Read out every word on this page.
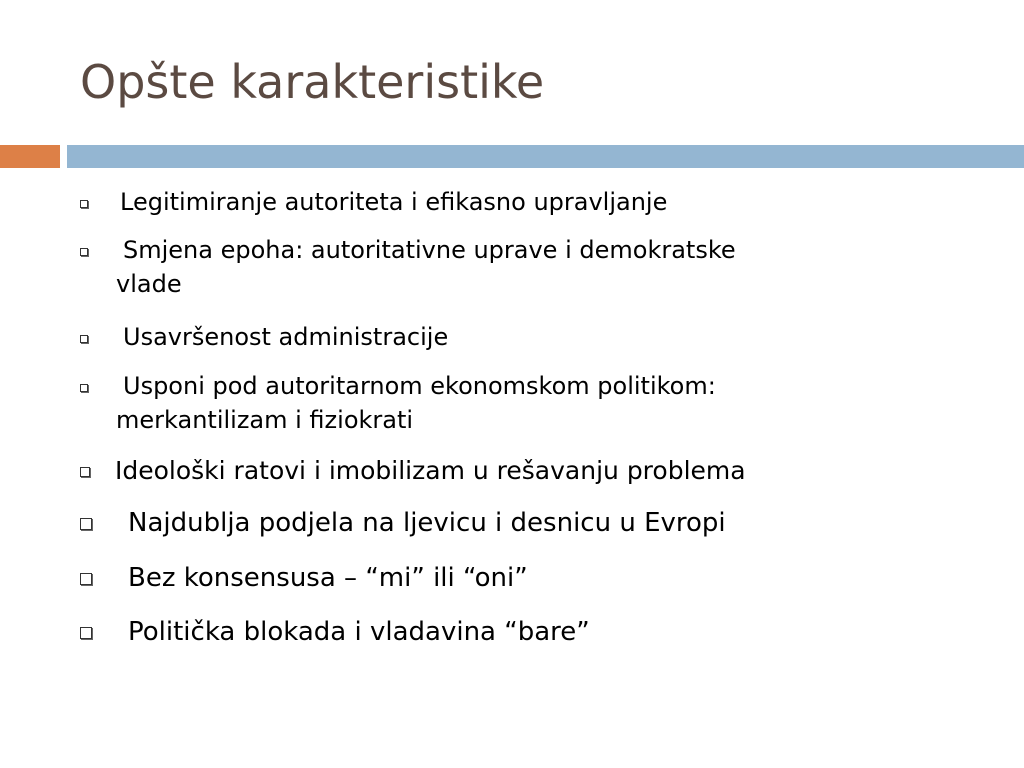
Opšte karakteristike
Legitimiranje autoriteta i efikasno upravljanje
Smjena epoha: autoritativne uprave i demokratske
vlade
Usavršenost administracije
Usponi pod autoritarnom ekonomskom politikom:
merkantilizam i fiziokrati
Ideološki ratovi i imobilizam u rešavanju problema
Najdublja podjela na ljevicu i desnicu u Evropi
Bez konsensusa – “mi” ili “oni”
Politička blokada i vladavina “bare”
